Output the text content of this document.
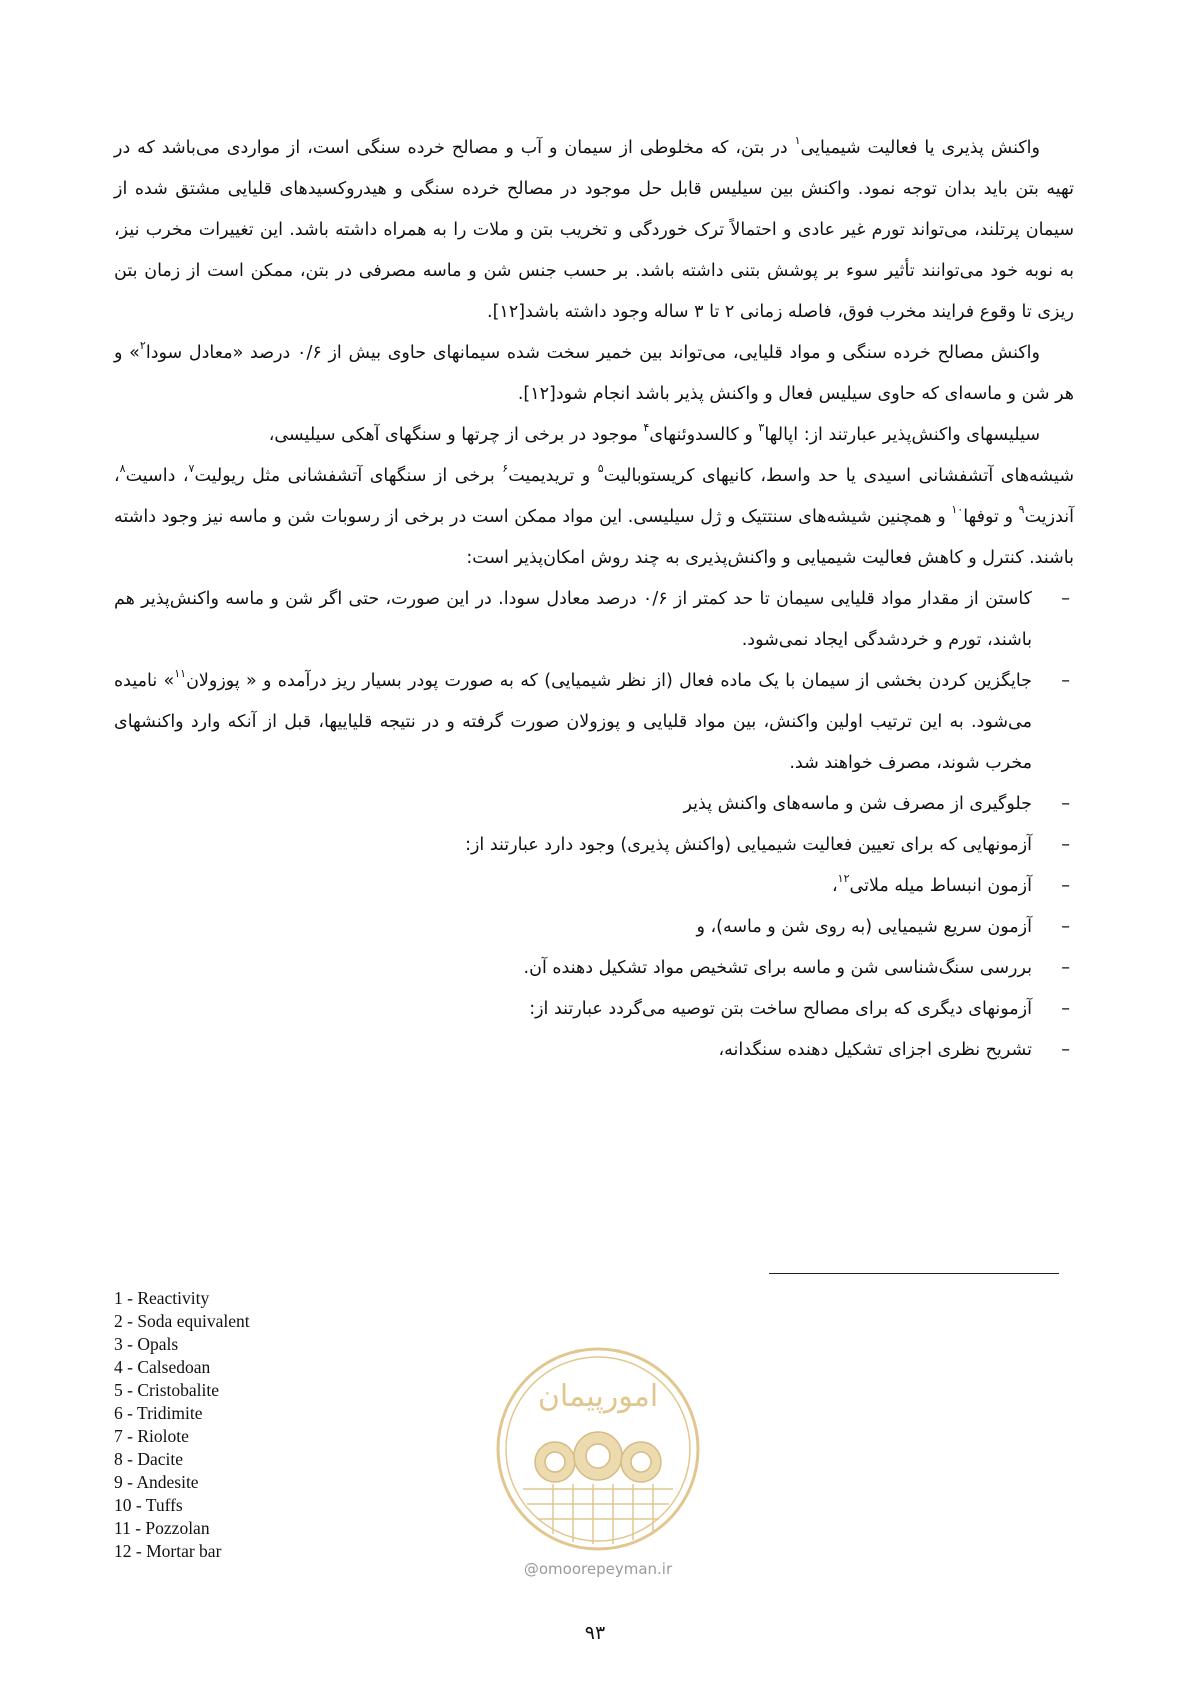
واکنش پذیری یا فعالیت شیمیایی$^۱$ در بتن، که مخلوطی از سیمان و آب و مصالح خرده سنگی است، از مواردی می‌باشد که در تهیه بتن باید بدان توجه نمود. واکنش بین سیلیس قابل حل موجود در مصالح خرده سنگی و هیدروکسیدهای قلیایی مشتق شده از سیمان پرتلند، می‌تواند تورم غیر عادی و احتمالاً ترک خوردگی و تخریب بتن و ملات را به همراه داشته باشد. این تغییرات مخرب نیز، به نوبه خود می‌توانند تأثیر سوء بر پوشش بتنی داشته باشد. بر حسب جنس شن و ماسه مصرفی در بتن، ممکن است از زمان بتن ریزی تا وقوع فرایند مخرب فوق، فاصله زمانی ۲ تا ۳ ساله وجود داشته باشد[۱۲].

واکنش مصالح خرده سنگی و مواد قلیایی، می‌تواند بین خمیر سخت شده سیمانهای حاوی بیش از ۰/۶ درصد «معادل سودا$^۲$» و هر شن و ماسه‌ای که حاوی سیلیس فعال و واکنش پذیر باشد انجام شود[۱۲].

سیلیسهای واکنش‌پذیر عبارتند از: اپالها$^۳$ و کالسدوئنهای$^۴$ موجود در برخی از چرتها و سنگهای آهکی سیلیسی،

شیشه‌های آتشفشانی اسیدی یا حد واسط، کانیهای کریستوبالیت$^۵$ و تریدیمیت$^۶$ برخی از سنگهای آتشفشانی مثل ریولیت$^۷$، داسیت$^۸$، آندزیت$^۹$ و توفها$^{۱۰}$ و همچنین شیشه‌های سنتتیک و ژل سیلیسی. این مواد ممکن است در برخی از رسوبات شن و ماسه نیز وجود داشته باشند. کنترل و کاهش فعالیت شیمیایی و واکنش‌پذیری به چند روش امکان‌پذیر است:

–
کاستن از مقدار مواد قلیایی سیمان تا حد کمتر از ۰/۶ درصد معادل سودا. در این صورت، حتی اگر شن و ماسه واکنش‌پذیر هم باشند، تورم و خردشدگی ایجاد نمی‌شود.
–
جایگزین کردن بخشی از سیمان با یک ماده فعال (از نظر شیمیایی) که به صورت پودر بسیار ریز درآمده و « پوزولان$^{۱۱}$» نامیده می‌شود. به این ترتیب اولین واکنش، بین مواد قلیایی و پوزولان صورت گرفته و در نتیجه قلیاییها، قبل از آنکه وارد واکنشهای مخرب شوند، مصرف خواهند شد.
–
جلوگیری از مصرف شن و ماسه‌های واکنش پذیر
–
آزمونهایی که برای تعیین فعالیت شیمیایی (واکنش پذیری) وجود دارد عبارتند از:
–
آزمون انبساط میله ملاتی$^{۱۲}$،
–
آزمون سریع شیمیایی (به روی شن و ماسه)، و
–
بررسی سنگ‌شناسی شن و ماسه برای تشخیص مواد تشکیل دهنده آن.
–
آزمونهای دیگری که برای مصالح ساخت بتن توصیه می‌گردد عبارتند از:
–
تشریح نظری اجزای تشکیل دهنده سنگدانه،
1 - Reactivity
2 - Soda equivalent
3 - Opals
4 - Calsedoan
5 - Cristobalite
6 - Tridimite
7 - Riolote
8 - Dacite
9 - Andesite
10 - Tuffs
11 - Pozzolan
12 - Mortar bar
امورپیمان
@omoorepeyman.ir
۹۳
